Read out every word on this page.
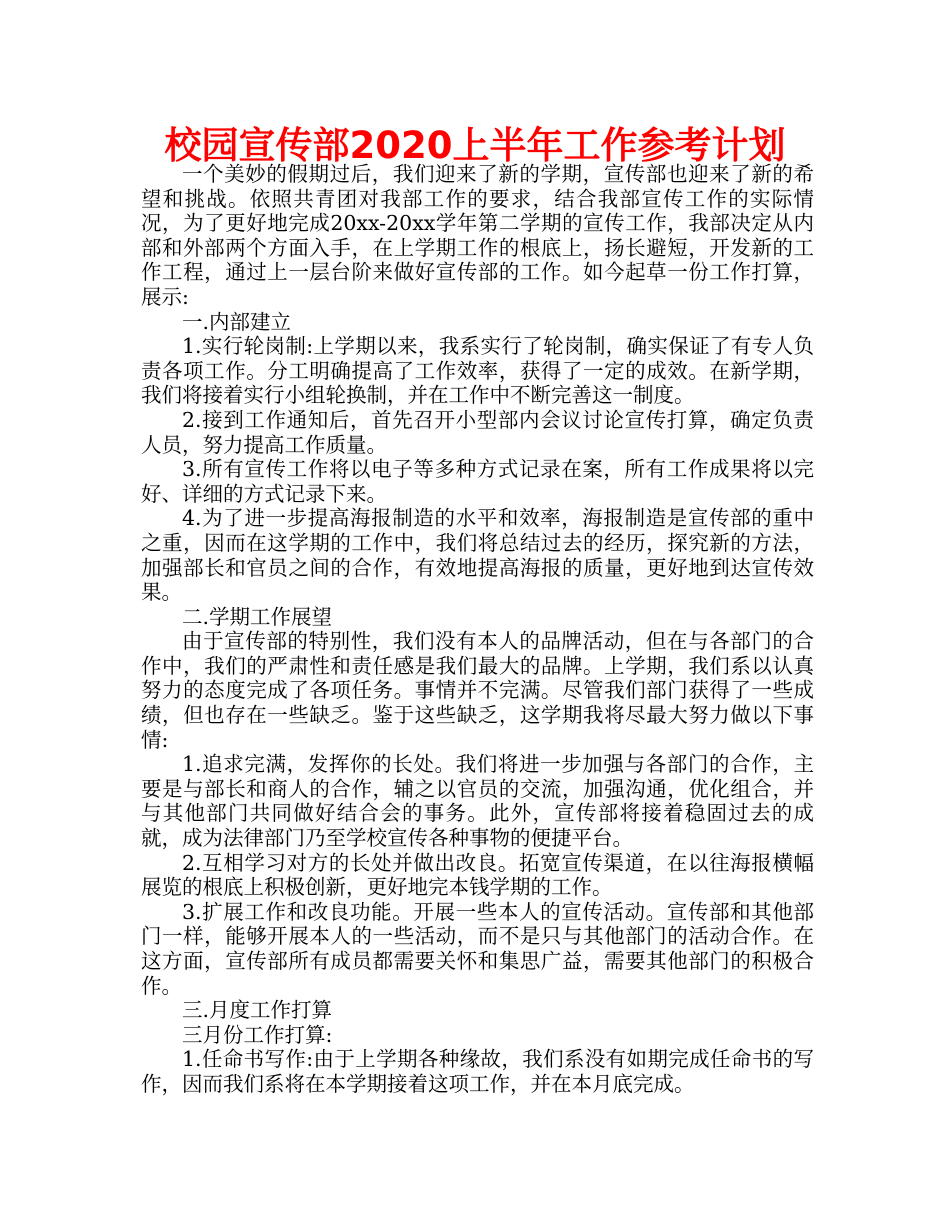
校园宣传部2020上半年工作参考计划

一个美妙的假期过后，我们迎来了新的学期，宣传部也迎来了新的希望和挑战。依照共青团对我部工作的要求，结合我部宣传工作的实际情况，为了更好地完成20xx-20xx学年第二学期的宣传工作，我部决定从内部和外部两个方面入手，在上学期工作的根底上，扬长避短，开发新的工作工程，通过上一层台阶来做好宣传部的工作。如今起草一份工作打算，展示:

一.内部建立

1.实行轮岗制:上学期以来，我系实行了轮岗制，确实保证了有专人负责各项工作。分工明确提高了工作效率，获得了一定的成效。在新学期，我们将接着实行小组轮换制，并在工作中不断完善这一制度。

2.接到工作通知后，首先召开小型部内会议讨论宣传打算，确定负责人员，努力提高工作质量。

3.所有宣传工作将以电子等多种方式记录在案，所有工作成果将以完好、详细的方式记录下来。

4.为了进一步提高海报制造的水平和效率，海报制造是宣传部的重中之重，因而在这学期的工作中，我们将总结过去的经历，探究新的方法，加强部长和官员之间的合作，有效地提高海报的质量，更好地到达宣传效果。

二.学期工作展望

由于宣传部的特别性，我们没有本人的品牌活动，但在与各部门的合作中，我们的严肃性和责任感是我们最大的品牌。上学期，我们系以认真努力的态度完成了各项任务。事情并不完满。尽管我们部门获得了一些成绩，但也存在一些缺乏。鉴于这些缺乏，这学期我将尽最大努力做以下事情:

1.追求完满，发挥你的长处。我们将进一步加强与各部门的合作，主要是与部长和商人的合作，辅之以官员的交流，加强沟通，优化组合，并与其他部门共同做好结合会的事务。此外，宣传部将接着稳固过去的成就，成为法律部门乃至学校宣传各种事物的便捷平台。

2.互相学习对方的长处并做出改良。拓宽宣传渠道，在以往海报横幅展览的根底上积极创新，更好地完本钱学期的工作。

3.扩展工作和改良功能。开展一些本人的宣传活动。宣传部和其他部门一样，能够开展本人的一些活动，而不是只与其他部门的活动合作。在这方面，宣传部所有成员都需要关怀和集思广益，需要其他部门的积极合作。

三.月度工作打算

三月份工作打算:

1.任命书写作:由于上学期各种缘故，我们系没有如期完成任命书的写作，因而我们系将在本学期接着这项工作，并在本月底完成。
